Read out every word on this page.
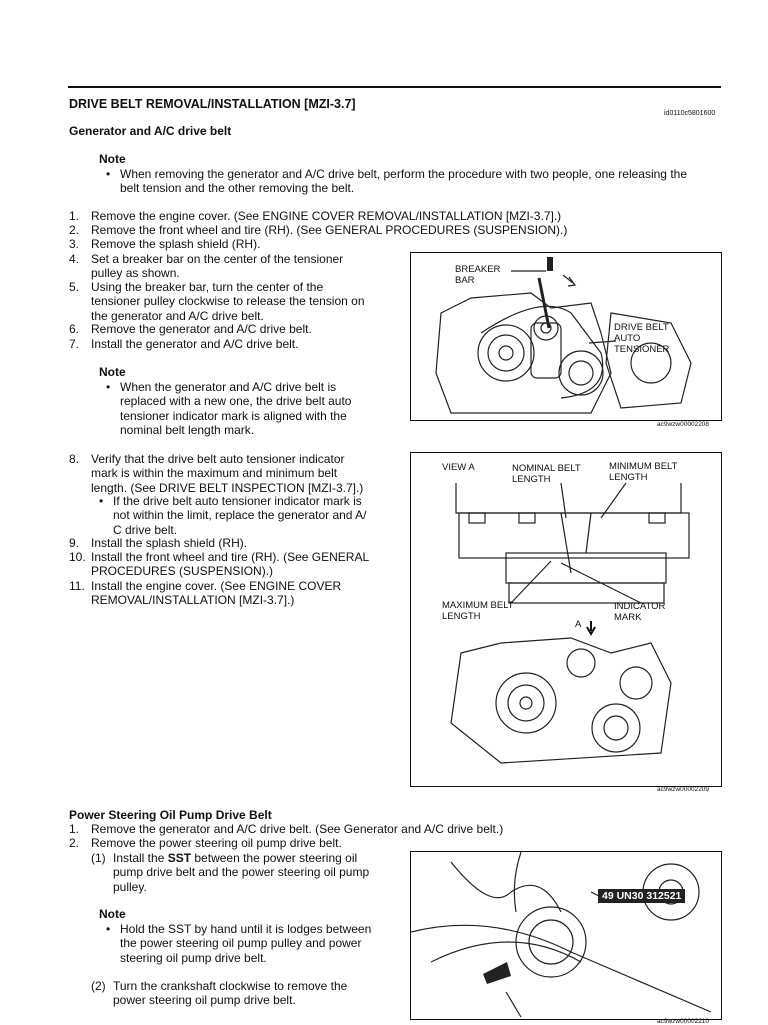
DRIVE BELT REMOVAL/INSTALLATION [MZI-3.7]
id0110c5801600
Generator and A/C drive belt
Note
• When removing the generator and A/C drive belt, perform the procedure with two people, one releasing the
belt tension and the other removing the belt.
1. Remove the engine cover. (See ENGINE COVER REMOVAL/INSTALLATION [MZI-3.7].)
2. Remove the front wheel and tire (RH). (See GENERAL PROCEDURES (SUSPENSION).)
3. Remove the splash shield (RH).
4. Set a breaker bar on the center of the tensioner
pulley as shown.
5. Using the breaker bar, turn the center of the
tensioner pulley clockwise to release the tension on
the generator and A/C drive belt.
6. Remove the generator and A/C drive belt.
7. Install the generator and A/C drive belt.
Note
• When the generator and A/C drive belt is
replaced with a new one, the drive belt auto
tensioner indicator mark is aligned with the
nominal belt length mark.
8. Verify that the drive belt auto tensioner indicator
mark is within the maximum and minimum belt
length. (See DRIVE BELT INSPECTION [MZI-3.7].)
• If the drive belt auto tensioner indicator mark is
not within the limit, replace the generator and A/
C drive belt.
9. Install the splash shield (RH).
10. Install the front wheel and tire (RH). (See GENERAL
PROCEDURES (SUSPENSION).)
11. Install the engine cover. (See ENGINE COVER
REMOVAL/INSTALLATION [MZI-3.7].)
BREAKER
BAR
DRIVE BELT
AUTO
TENSIONER
ac9wzw00002208
VIEW A	NOMINAL BELT
LENGTH
MINIMUM BELT
LENGTH
MAXIMUM BELT
LENGTH
INDICATOR
MARK
A
ac9wzw00002209
Power Steering Oil Pump Drive Belt
1. Remove the generator and A/C drive belt. (See Generator and A/C drive belt.)
2. Remove the power steering oil pump drive belt.
(1) Install the SST between the power steering oil
pump drive belt and the power steering oil pump
pulley.
Note
• Hold the SST by hand until it is lodges between
the power steering oil pump pulley and power
steering oil pump drive belt.
(2) Turn the crankshaft clockwise to remove the
power steering oil pump drive belt.
49 UN30 312521
ac9wzw00002210
